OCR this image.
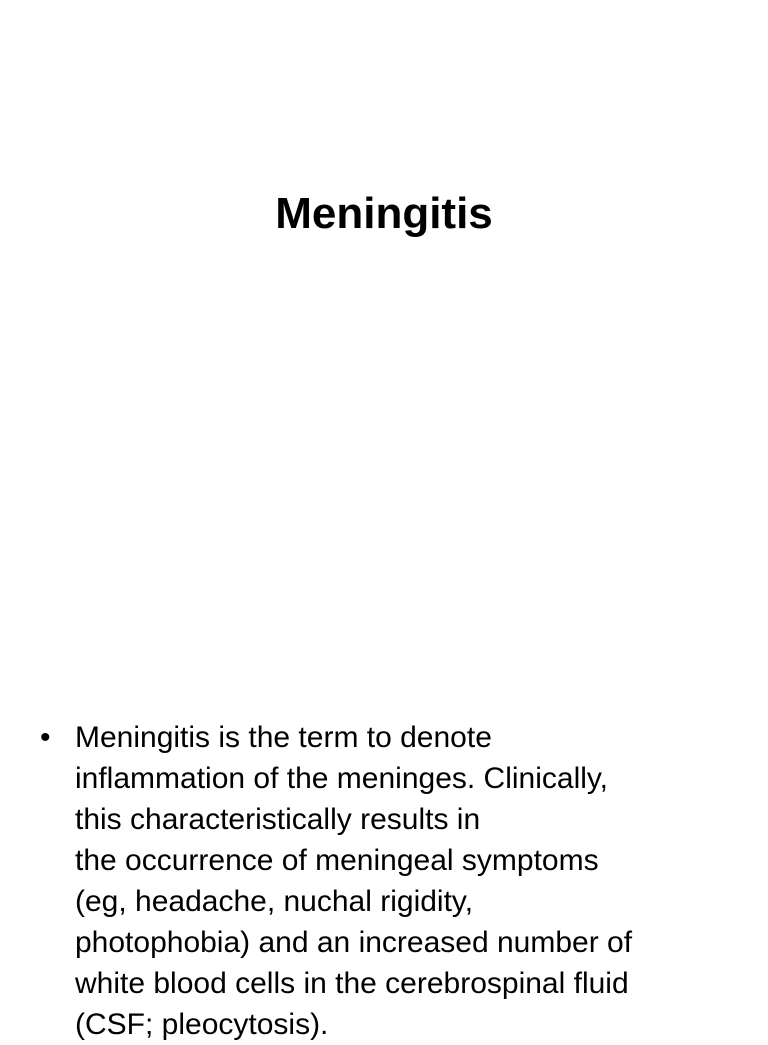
Meningitis
• Meningitis is the term to denote
inflammation of the meninges. Clinically,
this characteristically results in
the occurrence of meningeal symptoms
(eg, headache, nuchal rigidity,
photophobia) and an increased number of
white blood cells in the cerebrospinal fluid
(CSF; pleocytosis).
